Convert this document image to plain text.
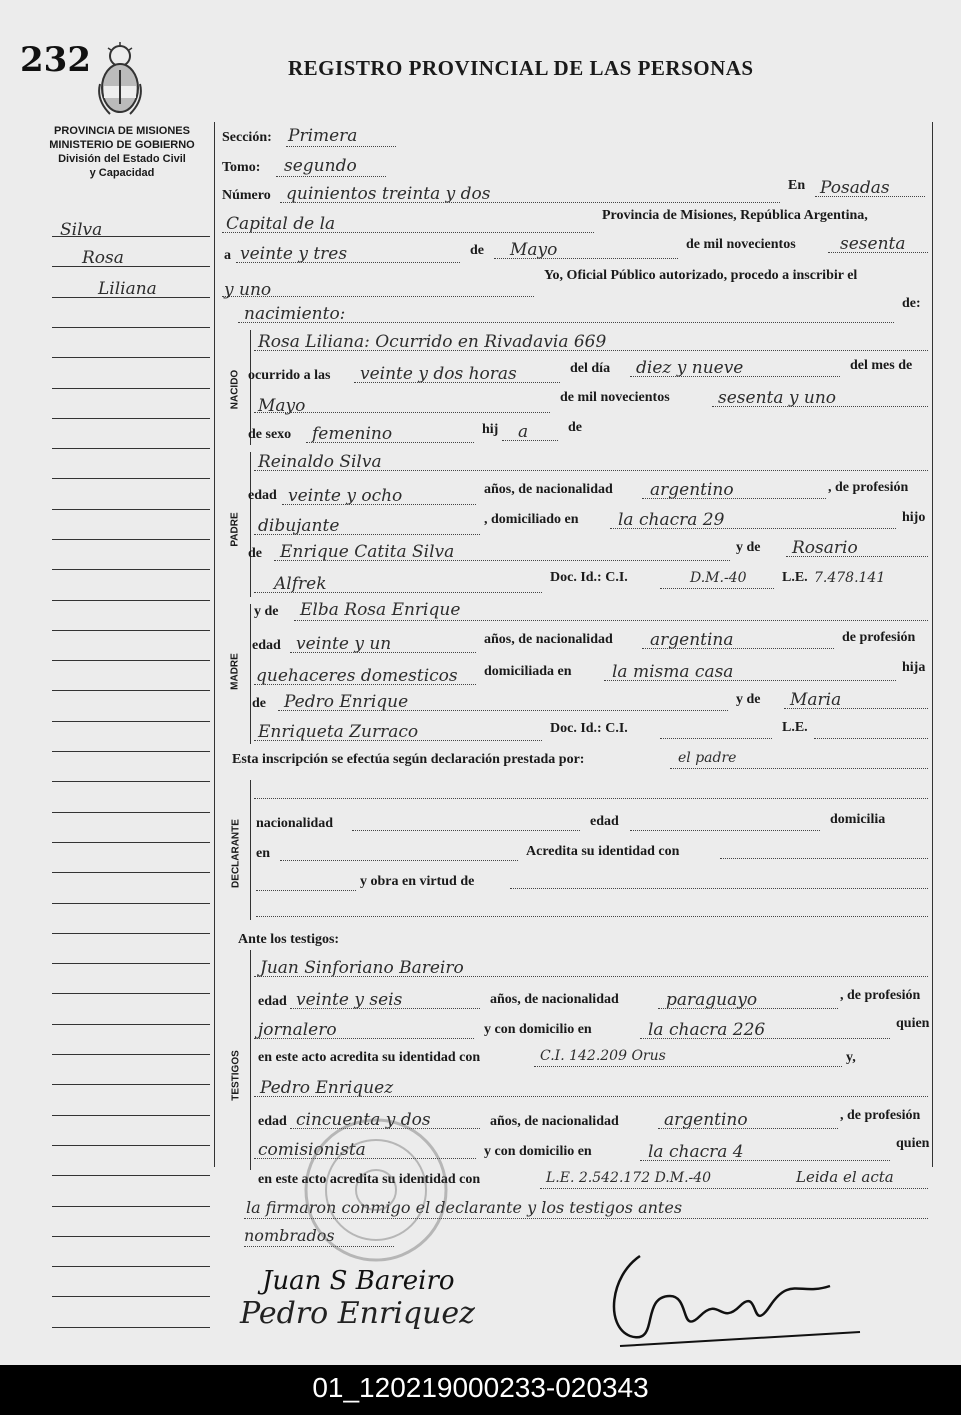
232	REGISTRO PROVINCIAL DE LAS PERSONAS
PROVINCIA DE MISIONES
MINISTERIO DE GOBIERNO
División del Estado Civil
y Capacidad
Silva
Rosa
Liliana
NACIDO
PADRE
MADRE
DECLARANTE
TESTIGOS
Sección: Primera
Tomo: segundo
Número quinientos treinta y dos	En Posadas
Capital de la	Provincia de Misiones, República Argentina,
a veinte y tres	de Mayo	de mil novecientos	sesenta
y uno
Yo, Oficial Público autorizado, procedo a inscribir el
nacimiento:
de:
Rosa Liliana: Ocurrido en Rivadavia 669
ocurrido a las veinte y dos horas	del día diez y nueve	del mes de
Mayo	de mil novecientos	sesenta y uno
de sexo femenino	hij a	de
Reinaldo Silva
edad veinte y ocho	años, de nacionalidad argentino	, de profesión
dibujante	, domiciliado en la chacra 29	hijo
de Enrique Catita Silva	y de Rosario
Alfrek	Doc. Id.: C.I.	D.M.-40	L.E. 7.478.141
y de Elba Rosa Enrique
edad veinte y un	años, de nacionalidad argentina	de profesión
quehaceres domesticos domiciliada en la misma casa	hija
de Pedro Enrique	y de Maria
Enriqueta Zurraco	Doc. Id.: C.I.	L.E.
Esta inscripción se efectúa según declaración prestada por:	el padre
nacionalidad	edad	domicilia
en	Acredita su identidad con
y obra en virtud de
Ante los testigos:
Juan Sinforiano Bareiro
edad veinte y seis	años, de nacionalidad	paraguayo	, de profesión
jornalero	y con domicilio en	la chacra 226	quien
en este acto acredita su identidad con	C.I. 142.209 Orus	y,
Pedro Enriquez
edad cincuenta y dos	años, de nacionalidad	argentino	, de profesión
comisionista	y con domicilio en	la chacra 4	quien
en este acto acredita su identidad con	L.E. 2.542.172 D.M.-40	Leida el acta
la firmaron conmigo el declarante y los testigos antes
nombrados
Juan S Bareiro
Pedro Enriquez
01_120219000233-020343
